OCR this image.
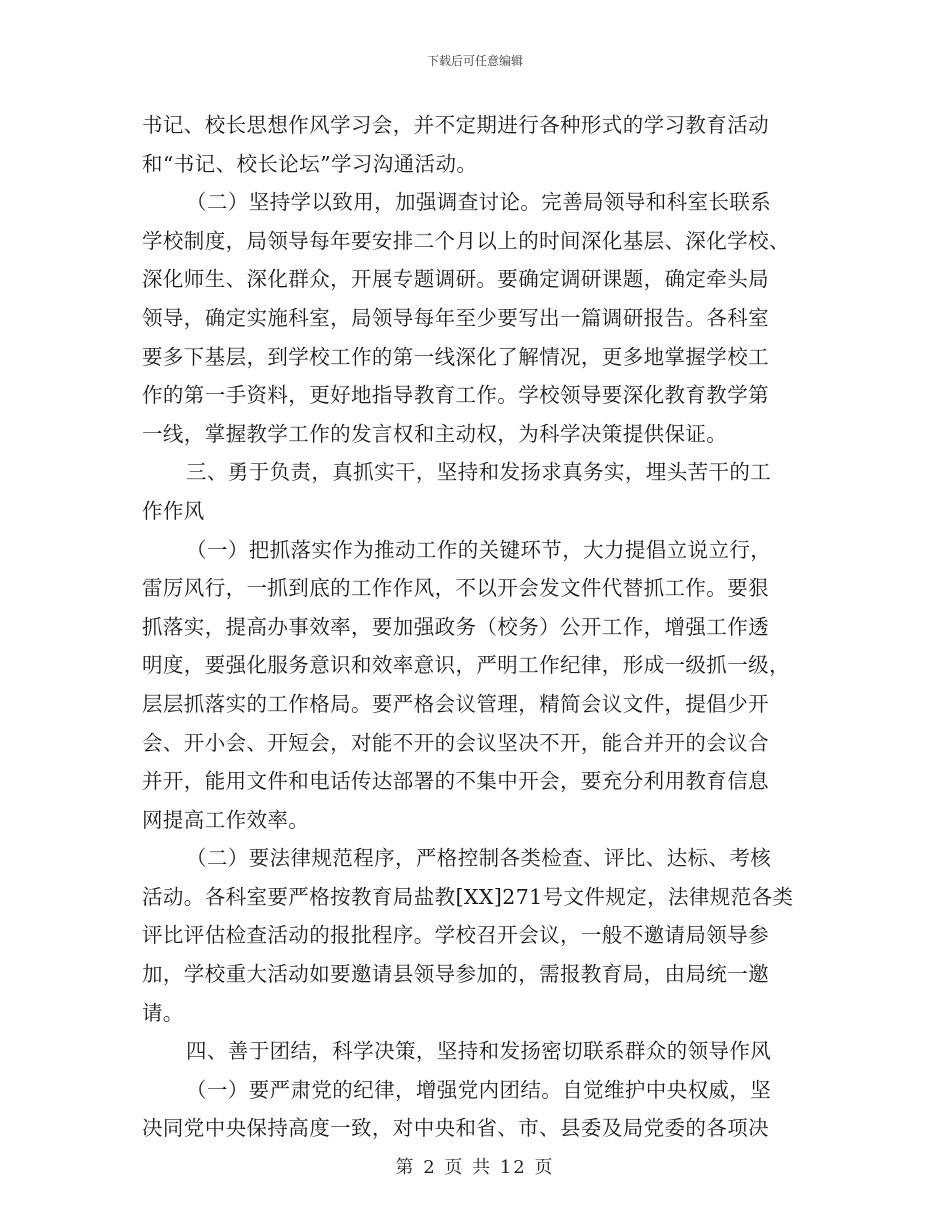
下载后可任意编辑
书记、校长思想作风学习会，并不定期进行各种形式的学习教育活动
和“书记、校长论坛”学习沟通活动。
（二）坚持学以致用，加强调查讨论。完善局领导和科室长联系
学校制度，局领导每年要安排二个月以上的时间深化基层、深化学校、
深化师生、深化群众，开展专题调研。要确定调研课题，确定牵头局
领导，确定实施科室，局领导每年至少要写出一篇调研报告。各科室
要多下基层，到学校工作的第一线深化了解情况，更多地掌握学校工
作的第一手资料，更好地指导教育工作。学校领导要深化教育教学第
一线，掌握教学工作的发言权和主动权，为科学决策提供保证。
三、勇于负责，真抓实干，坚持和发扬求真务实，埋头苦干的工
作作风
（一）把抓落实作为推动工作的关键环节，大力提倡立说立行，
雷厉风行，一抓到底的工作作风，不以开会发文件代替抓工作。要狠
抓落实，提高办事效率，要加强政务（校务）公开工作，增强工作透
明度，要强化服务意识和效率意识，严明工作纪律，形成一级抓一级，
层层抓落实的工作格局。要严格会议管理，精简会议文件，提倡少开
会、开小会、开短会，对能不开的会议坚决不开，能合并开的会议合
并开，能用文件和电话传达部署的不集中开会，要充分利用教育信息
网提高工作效率。
（二）要法律规范程序，严格控制各类检查、评比、达标、考核
活动。各科室要严格按教育局盐教[XX]271号文件规定，法律规范各类
评比评估检查活动的报批程序。学校召开会议，一般不邀请局领导参
加，学校重大活动如要邀请县领导参加的，需报教育局，由局统一邀
请。
四、善于团结，科学决策，坚持和发扬密切联系群众的领导作风
（一）要严肃党的纪律，增强党内团结。自觉维护中央权威，坚
决同党中央保持高度一致，对中央和省、市、县委及局党委的各项决
第 2 页 共 12 页
